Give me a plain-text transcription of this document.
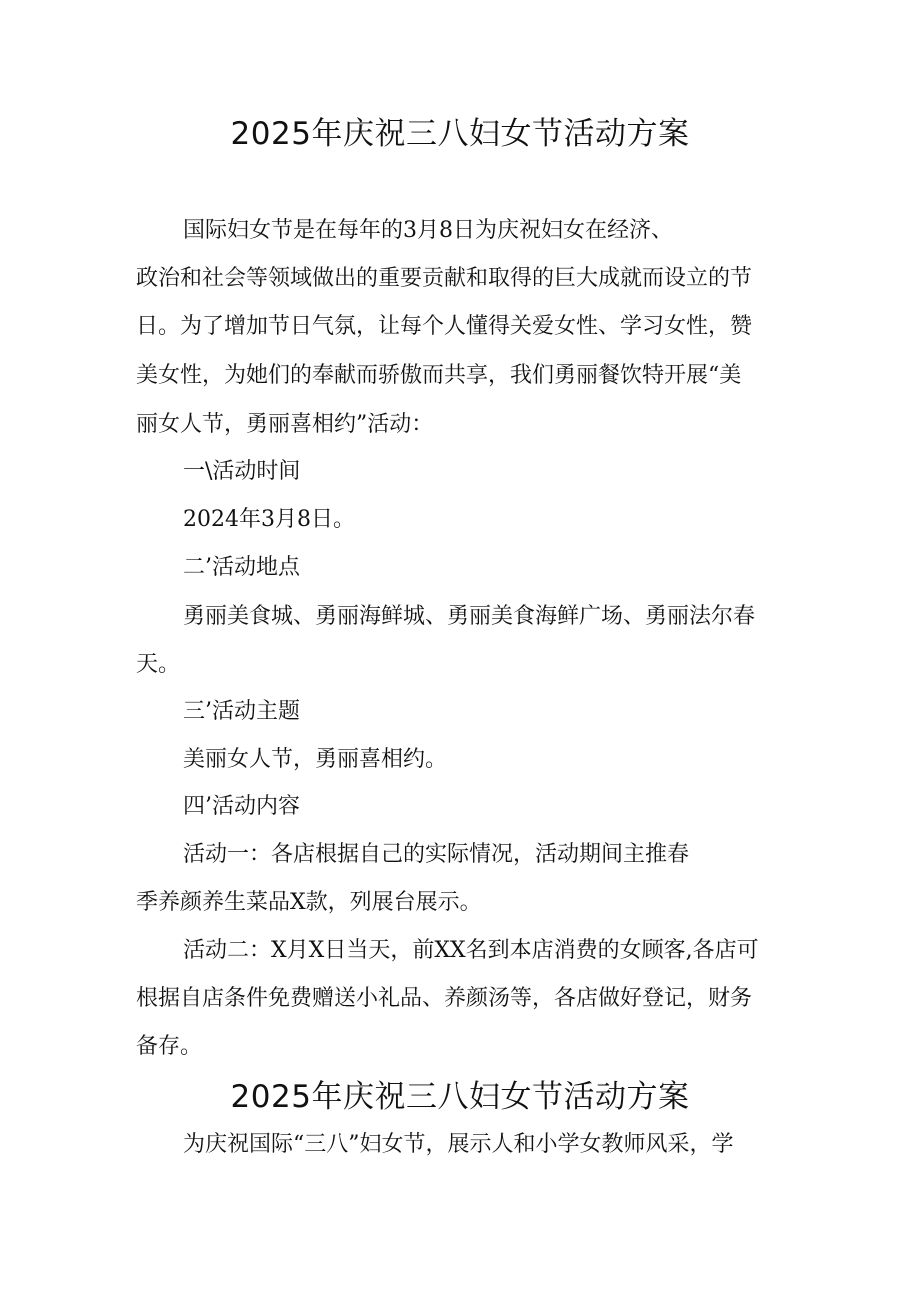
2025年庆祝三八妇女节活动方案
国际妇女节是在每年的3月8日为庆祝妇女在经济、
政治和社会等领域做出的重要贡献和取得的巨大成就而设立的节
日。为了增加节日气氛，让每个人懂得关爱女性、学习女性，赞
美女性，为她们的奉献而骄傲而共享，我们勇丽餐饮特开展“美
丽女人节，勇丽喜相约”活动：
一\活动时间
2024年3月8日。
二’活动地点
勇丽美食城、勇丽海鲜城、勇丽美食海鲜广场、勇丽法尔春
天。
三’活动主题
美丽女人节，勇丽喜相约。
四’活动内容
活动一：各店根据自己的实际情况，活动期间主推春
季养颜养生菜品X款，列展台展示。
活动二：X月X日当天，前XX名到本店消费的女顾客,各店可
根据自店条件免费赠送小礼品、养颜汤等，各店做好登记，财务
备存。
2025年庆祝三八妇女节活动方案
为庆祝国际“三八”妇女节，展示人和小学女教师风采，学
